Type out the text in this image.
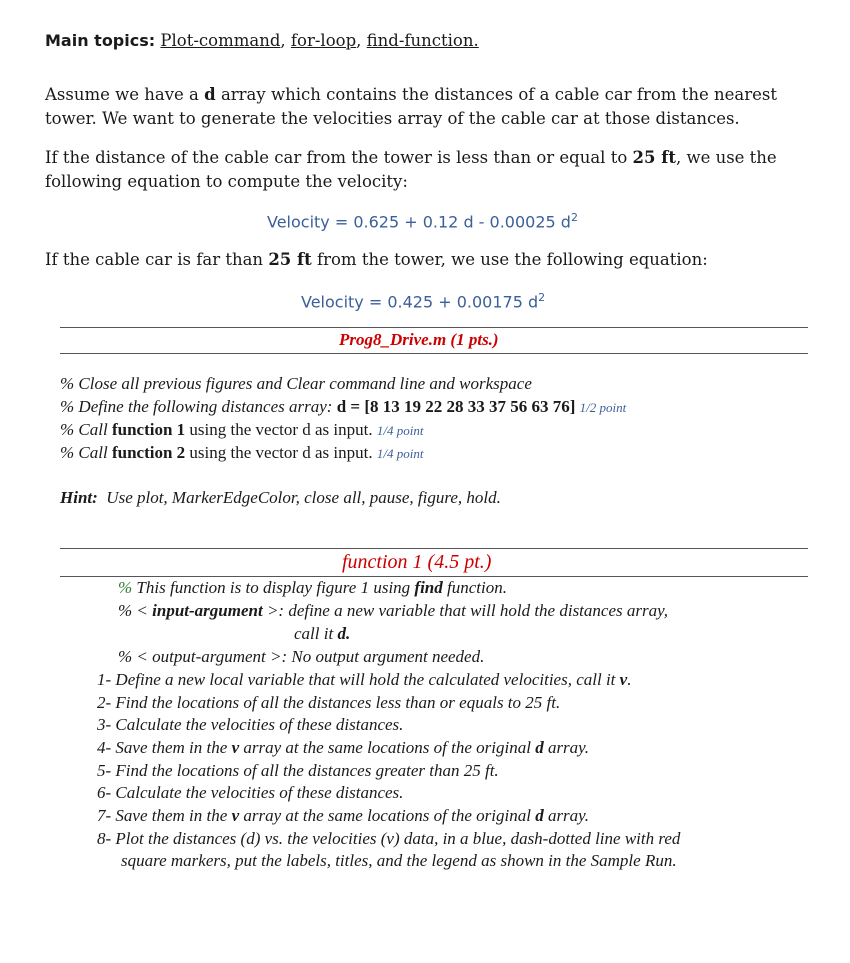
Main topics: Plot-command, for-loop, find-function.
Assume we have a d array which contains the distances of a cable car from the nearest
tower. We want to generate the velocities array of the cable car at those distances.
If the distance of the cable car from the tower is less than or equal to 25 ft, we use the
following equation to compute the velocity:
Velocity = 0.625 + 0.12 d - 0.00025 $d^2$
If the cable car is far than 25 ft from the tower, we use the following equation:
Velocity = 0.425 + 0.00175 $d^2$
Prog8_Drive.m (1 pts.)
% Close all previous figures and Clear command line and workspace
% Define the following distances array: d = [8 13 19 22 28 33 37 56 63 76] 1/2 point
% Call function 1 using the vector d as input. 1/4 point
% Call function 2 using the vector d as input. 1/4 point
Hint: Use plot, MarkerEdgeColor, close all, pause, figure, hold.
function 1 (4.5 pt.)
% This function is to display figure 1 using find function.
% < input-argument >: define a new variable that will hold the distances array,
call it d.
% < output-argument >: No output argument needed.
1- Define a new local variable that will hold the calculated velocities, call it v.
2- Find the locations of all the distances less than or equals to 25 ft.
3- Calculate the velocities of these distances.
4- Save them in the v array at the same locations of the original d array.
5- Find the locations of all the distances greater than 25 ft.
6- Calculate the velocities of these distances.
7- Save them in the v array at the same locations of the original d array.
8- Plot the distances (d) vs. the velocities (v) data, in a blue, dash-dotted line with red
square markers, put the labels, titles, and the legend as shown in the Sample Run.
